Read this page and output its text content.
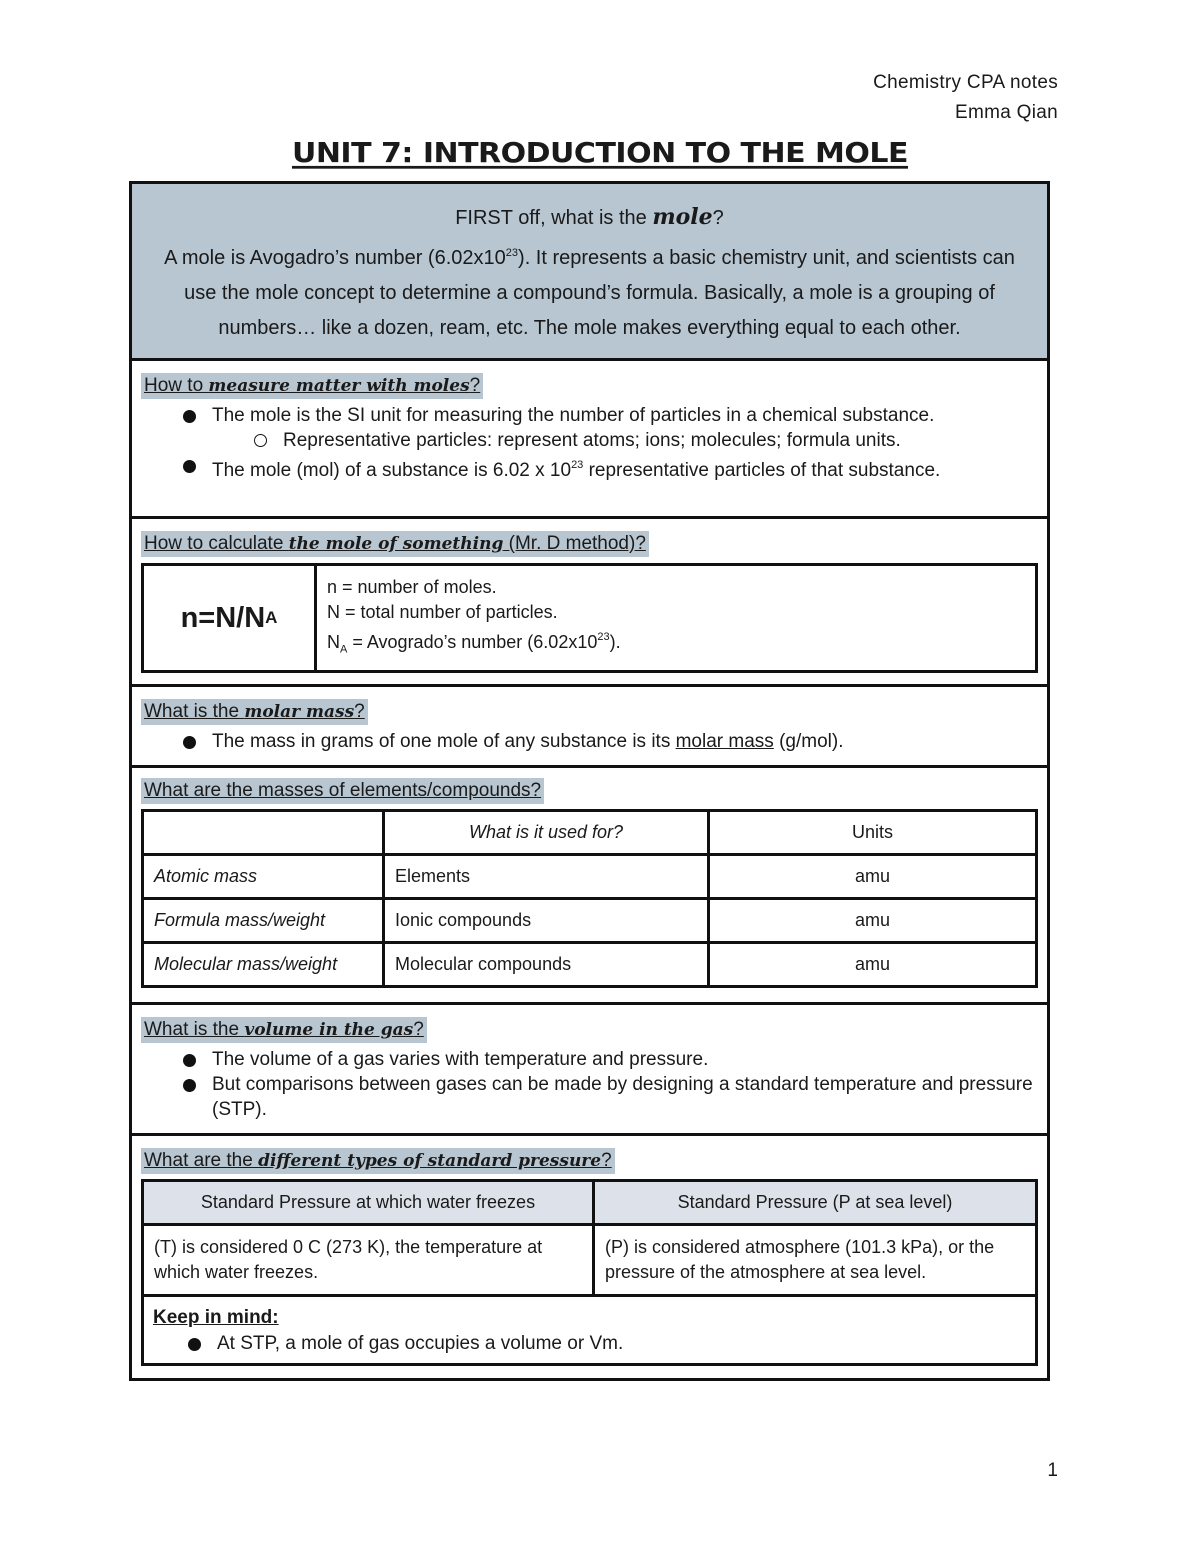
Chemistry CPA notes
Emma Qian
UNIT 7: INTRODUCTION TO THE MOLE
FIRST off, what is the mole?
A mole is Avogadro’s number $(6.02x10^{23})$. It represents a basic chemistry unit, and scientists can use the mole concept to determine a compound’s formula. Basically, a mole is a grouping of numbers… like a dozen, ream, etc. The mole makes everything equal to each other.
How to measure matter with moles?
The mole is the SI unit for measuring the number of particles in a chemical substance.
Representative particles: represent atoms; ions; molecules; formula units.
The mole (mol) of a substance is 6.02 x $10^{23}$ representative particles of that substance.
How to calculate the mole of something (Mr. D method)?
n=N/N A
n = number of moles.
N = total number of particles.
$N_A$ = Avogrado’s number $(6.02x10^{23})$.
What is the molar mass?
The mass in grams of one mole of any substance is its molar mass (g/mol).
What are the masses of elements/compounds?
	What is it used for?	Units
Atomic mass	Elements	amu
Formula mass/weight	Ionic compounds	amu
Molecular mass/weight	Molecular compounds	amu
What is the volume in the gas?
The volume of a gas varies with temperature and pressure.
But comparisons between gases can be made by designing a standard temperature and pressure (STP).
What are the different types of standard pressure?
Standard Pressure at which water freezes	Standard Pressure (P at sea level)
(T) is considered 0 C (273 K), the temperature at which water freezes.	(P) is considered atmosphere (101.3 kPa), or the pressure of the atmosphere at sea level.
Keep in mind:
At STP, a mole of gas occupies a volume or Vm.
1
